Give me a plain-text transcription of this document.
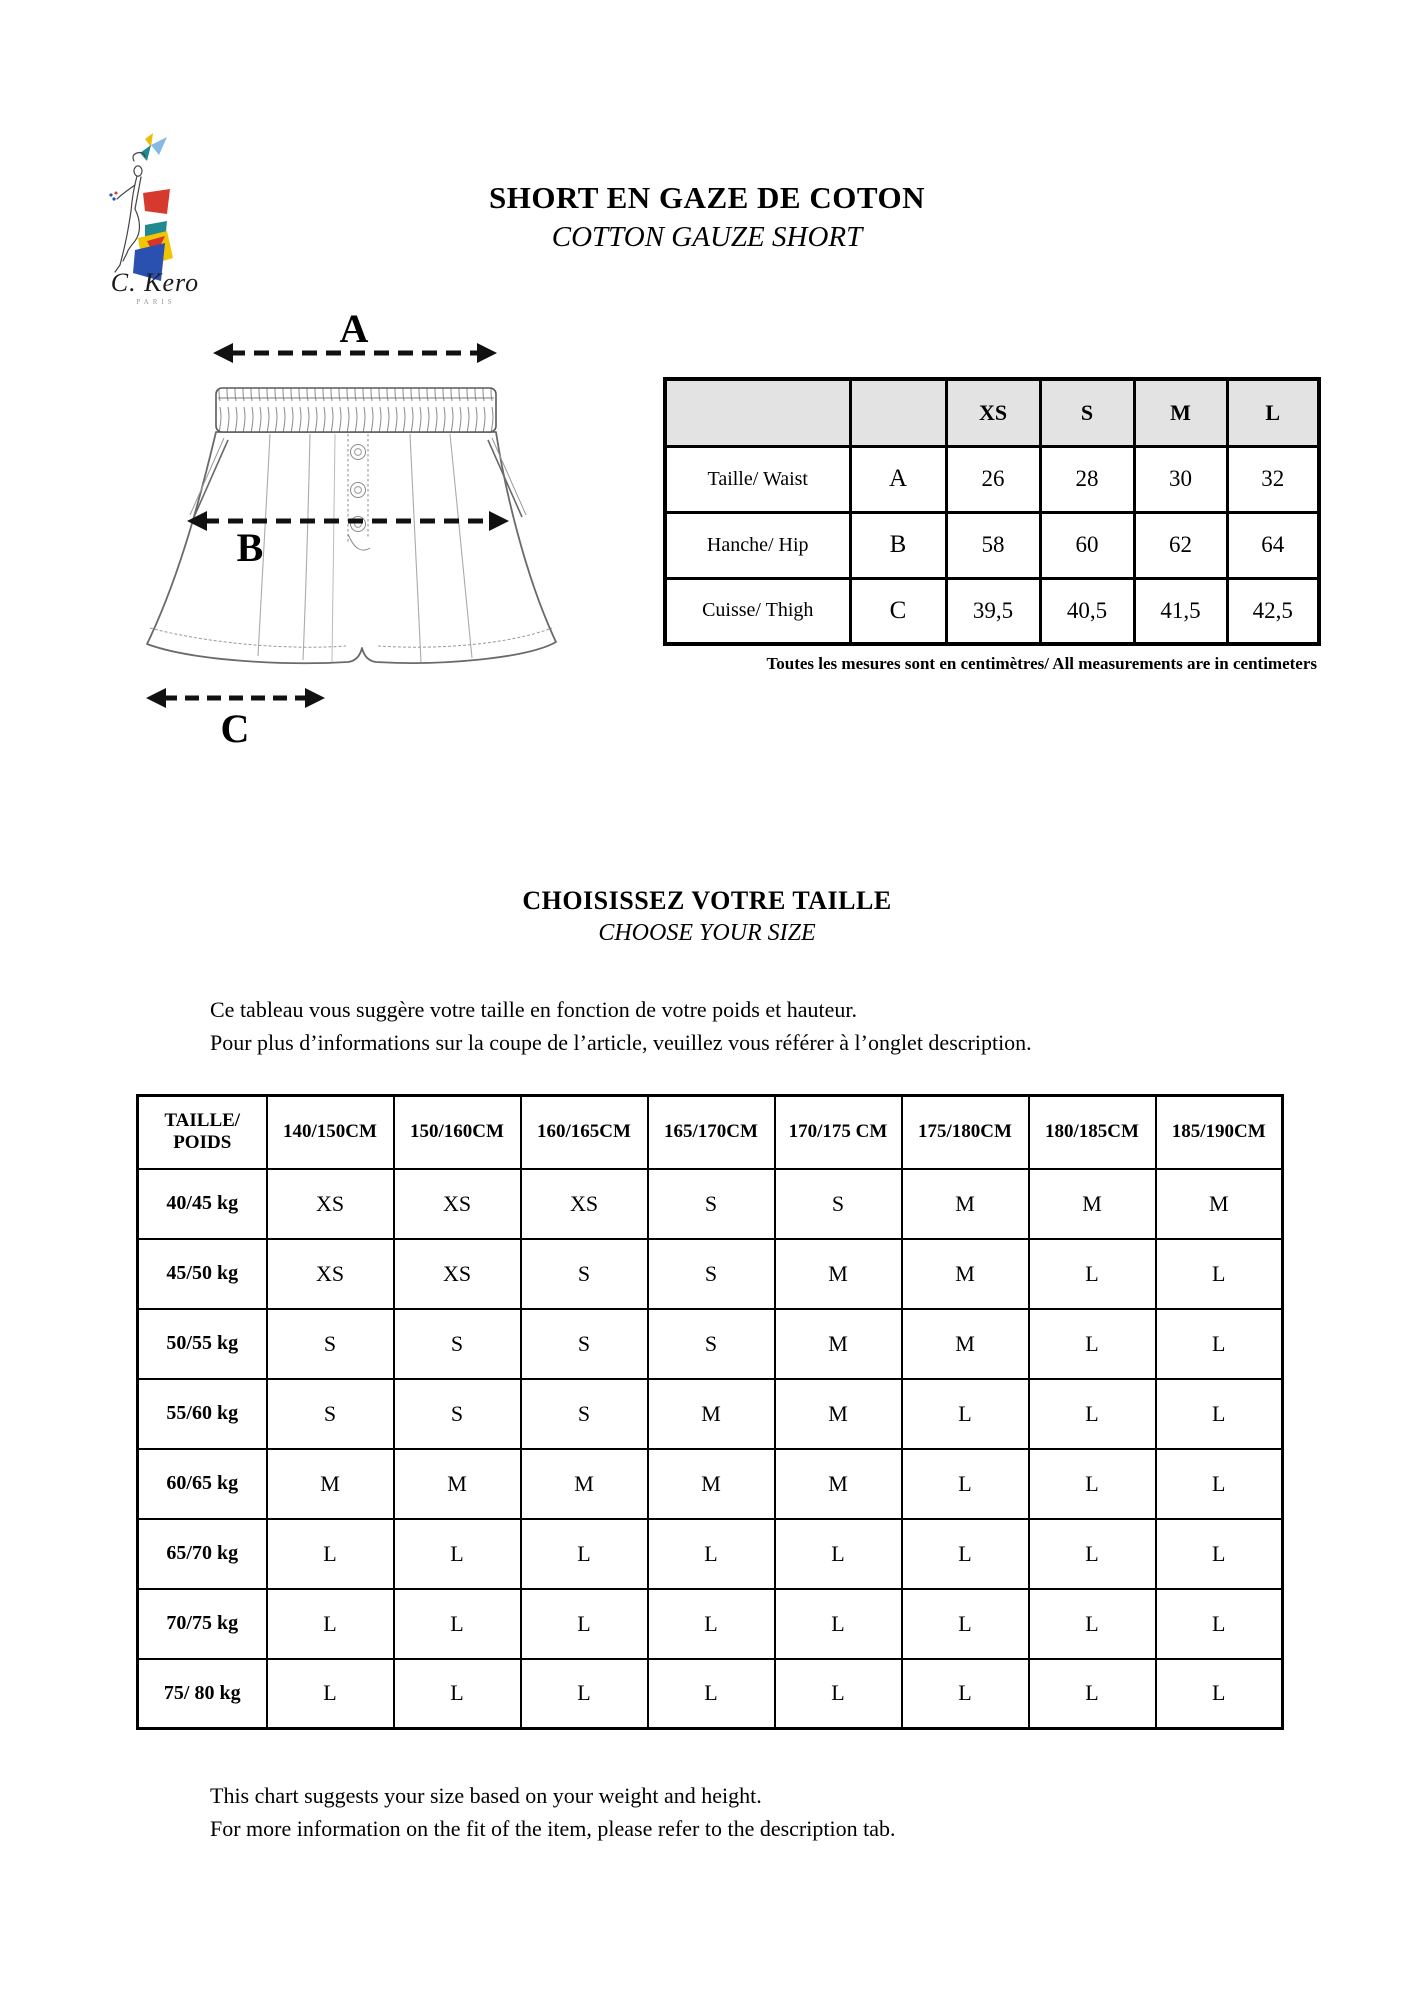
C. Kero
PARIS
SHORT EN GAZE DE COTON
COTTON GAUZE SHORT
A
B
C
		XS	S	M	L
Taille/ Waist	A	26	28	30	32
Hanche/ Hip	B	58	60	62	64
Cuisse/ Thigh	C	39,5	40,5	41,5	42,5
Toutes les mesures sont en centimètres/ All measurements are in centimeters
CHOISISSEZ VOTRE TAILLE
CHOOSE YOUR SIZE
Ce tableau vous suggère votre taille en fonction de votre poids et hauteur.
Pour plus d’informations sur la coupe de l’article, veuillez vous référer à l’onglet description.
TAILLE/
POIDS	140/150CM	150/160CM	160/165CM	165/170CM	170/175 CM	175/180CM	180/185CM	185/190CM
40/45 kg	XS	XS	XS	S	S	M	M	M
45/50 kg	XS	XS	S	S	M	M	L	L
50/55 kg	S	S	S	S	M	M	L	L
55/60 kg	S	S	S	M	M	L	L	L
60/65 kg	M	M	M	M	M	L	L	L
65/70 kg	L	L	L	L	L	L	L	L
70/75 kg	L	L	L	L	L	L	L	L
75/ 80 kg	L	L	L	L	L	L	L	L
This chart suggests your size based on your weight and height.
For more information on the fit of the item, please refer to the description tab.
